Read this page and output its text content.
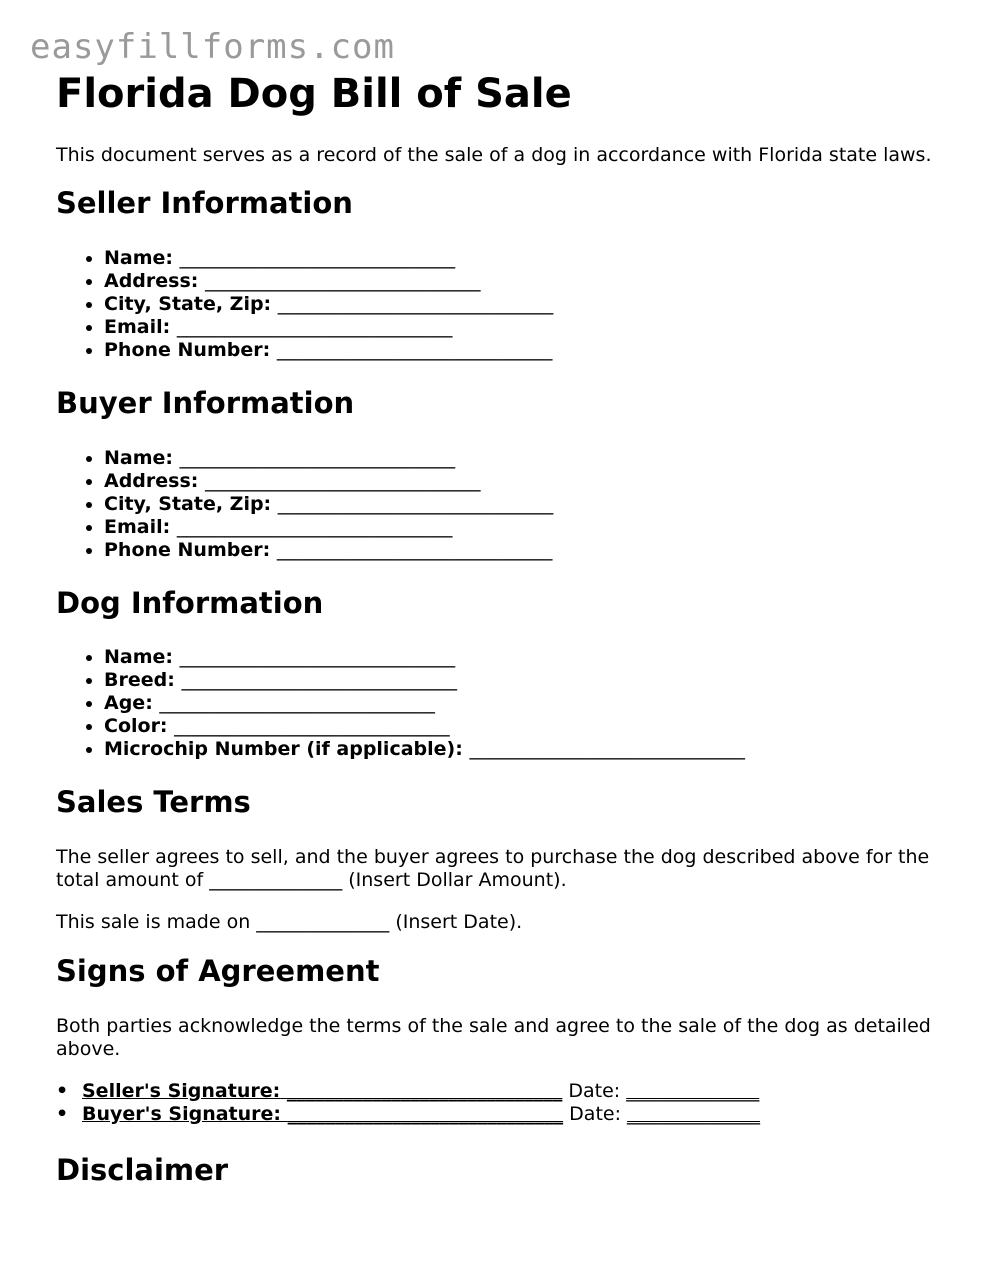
easyfillforms.com
Florida Dog Bill of Sale

This document serves as a record of the sale of a dog in accordance with Florida state laws.

Seller Information
• Name: _____________________________
• Address: _____________________________
• City, State, Zip: _____________________________
• Email: _____________________________
• Phone Number: _____________________________
Buyer Information
• Name: _____________________________
• Address: _____________________________
• City, State, Zip: _____________________________
• Email: _____________________________
• Phone Number: _____________________________
Dog Information
• Name: _____________________________
• Breed: _____________________________
• Age: _____________________________
• Color: _____________________________
• Microchip Number (if applicable): _____________________________
Sales Terms

The seller agrees to sell, and the buyer agrees to purchase the dog described above for the total amount of ______________ (Insert Dollar Amount).

This sale is made on ______________ (Insert Date).

Signs of Agreement

Both parties acknowledge the terms of the sale and agree to the sale of the dog as detailed above.

• Seller's Signature: _____________________________ Date: ______________
• Buyer's Signature: _____________________________ Date: ______________
Disclaimer
